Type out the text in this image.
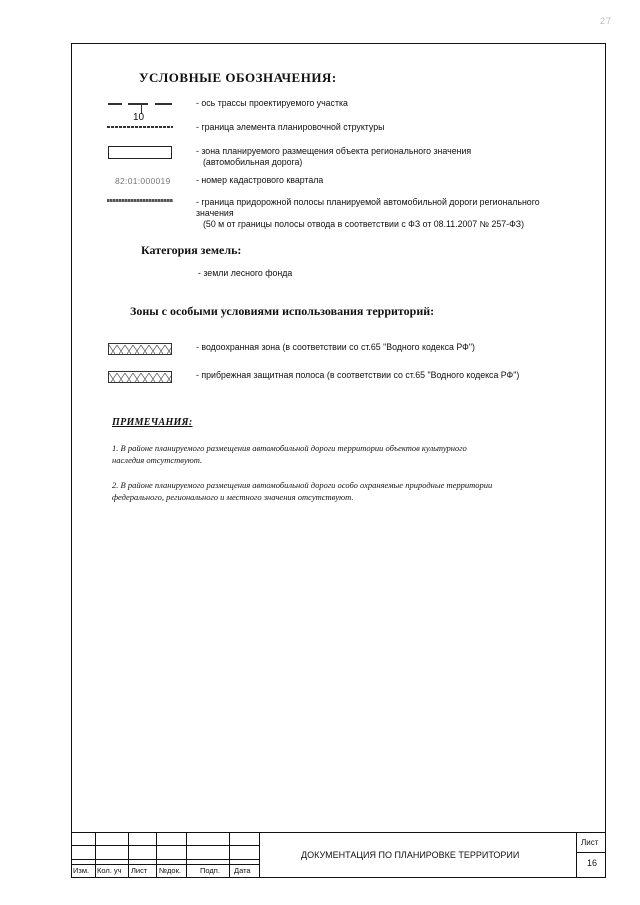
27
УСЛОВНЫЕ ОБОЗНАЧЕНИЯ:
- ось трассы проектируемого участка
10
- граница элемента планировочной структуры
- зона планируемого размещения объекта регионального значения
(автомобильная дорога)
82:01:000019	- номер кадастрового квартала
- граница придорожной полосы планируемой автомобильной дороги регионального
значения
(50 м от границы полосы отвода в соответствии с ФЗ от 08.11.2007 № 257-ФЗ)
Категория земель:
- земли лесного фонда
Зоны с особыми условиями использования территорий:
- водоохранная зона (в соответствии со ст.65 "Водного кодекса РФ")
- прибрежная защитная полоса (в соответствии со ст.65 "Водного кодекса РФ")
ПРИМЕЧАНИЯ:
1. В районе планируемого размещения автомобильной дороги территории объектов культурного
наследия отсутствуют.
2. В районе планируемого размещения автомобильной дороги особо охраняемые природные территории
федерального, регионального и местного значения отсутствуют.
Изм. Кол. уч Лист №док.	Подп. Дата
ДОКУМЕНТАЦИЯ ПО ПЛАНИРОВКЕ ТЕРРИТОРИИ
Лист
16
